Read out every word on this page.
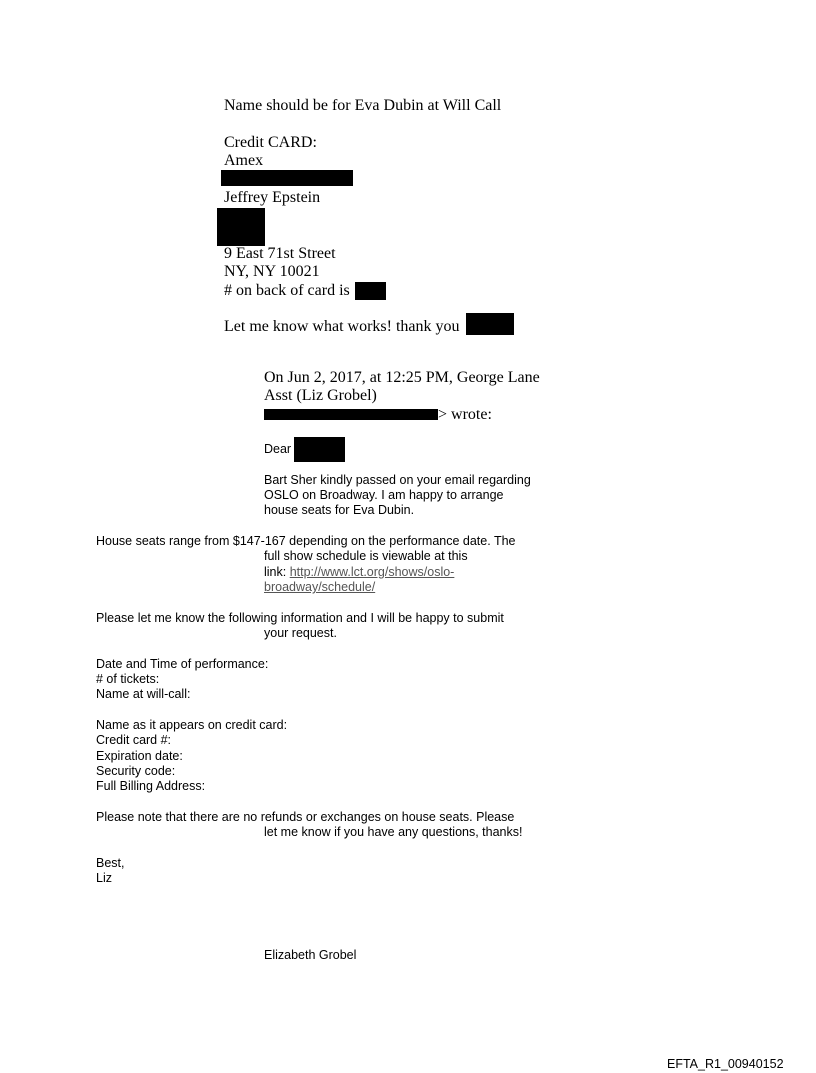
Name should be for Eva Dubin at Will Call
Credit CARD:
Amex
Jeffrey Epstein
9 East 71st Street
NY, NY 10021
# on back of card is
Let me know what works! thank you
On Jun 2, 2017, at 12:25 PM, George Lane
Asst (Liz Grobel)
> wrote:
Dear
Bart Sher kindly passed on your email regarding
OSLO on Broadway. I am happy to arrange
house seats for Eva Dubin.
House seats range from $147-167 depending on the performance date. The
full show schedule is viewable at this
link: http://www.lct.org/shows/oslo-
broadway/schedule/
Please let me know the following information and I will be happy to submit
your request.
Date and Time of performance:
# of tickets:
Name at will-call:
Name as it appears on credit card:
Credit card #:
Expiration date:
Security code:
Full Billing Address:
Please note that there are no refunds or exchanges on house seats. Please
let me know if you have any questions, thanks!
Best,
Liz
Elizabeth Grobel
EFTA_R1_00940152
